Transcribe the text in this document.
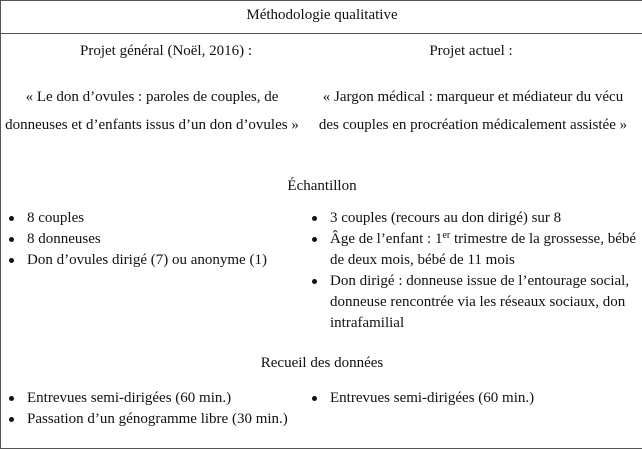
Méthodologie qualitative
Projet général (Noël, 2016) :	Projet actuel :
« Le don d’ovules : paroles de couples, de donneuses et d’enfants issus d’un don d’ovules »
« Jargon médical : marqueur et médiateur du vécu des couples en procréation médicalement assistée »
Échantillon
8 couples
8 donneuses
Don d’ovules dirigé (7) ou anonyme (1)
3 couples (recours au don dirigé) sur 8
Âge de l’enfant : 1er trimestre de la grossesse, bébé de deux mois, bébé de 11 mois
Don dirigé : donneuse issue de l’entourage social, donneuse rencontrée via les réseaux sociaux, don intrafamilial
Recueil des données
Entrevues semi-dirigées (60 min.)
Passation d’un génogramme libre (30 min.)
Entrevues semi-dirigées (60 min.)
